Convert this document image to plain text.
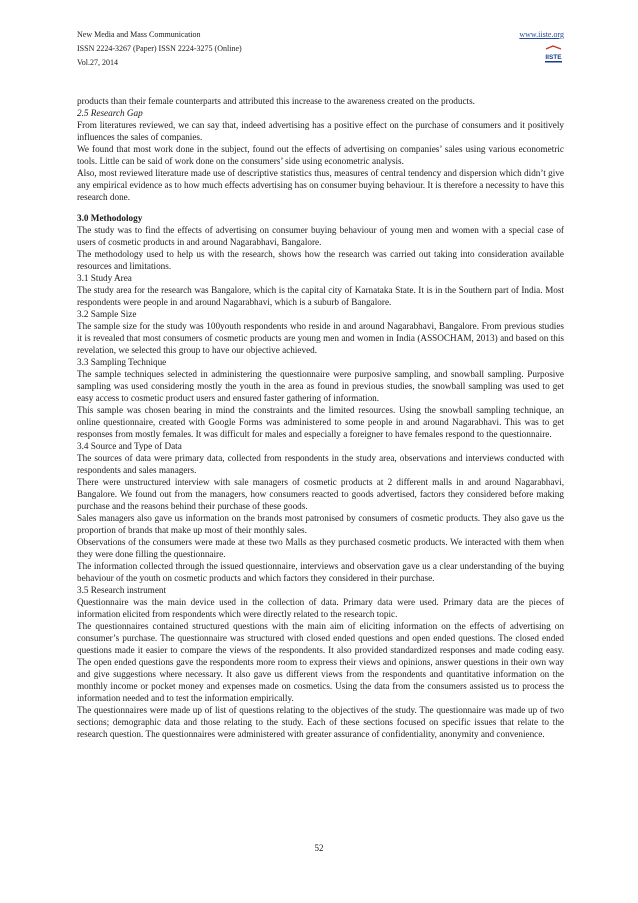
New Media and Mass Communication
ISSN 2224-3267 (Paper) ISSN 2224-3275 (Online)
Vol.27, 2014
www.iiste.org
IISTE

products than their female counterparts and attributed this increase to the awareness created on the products.

2.5 Research Gap

From literatures reviewed, we can say that, indeed advertising has a positive effect on the purchase of consumers and it positively influences the sales of companies.

We found that most work done in the subject, found out the effects of advertising on companies’ sales using various econometric tools. Little can be said of work done on the consumers’ side using econometric analysis.

Also, most reviewed literature made use of descriptive statistics thus, measures of central tendency and dispersion which didn’t give any empirical evidence as to how much effects advertising has on consumer buying behaviour. It is therefore a necessity to have this research done.

3.0 Methodology

The study was to find the effects of advertising on consumer buying behaviour of young men and women with a special case of users of cosmetic products in and around Nagarabhavi, Bangalore.

The methodology used to help us with the research, shows how the research was carried out taking into consideration available resources and limitations.

3.1 Study Area

The study area for the research was Bangalore, which is the capital city of Karnataka State. It is in the Southern part of India. Most respondents were people in and around Nagarabhavi, which is a suburb of Bangalore.

3.2 Sample Size

The sample size for the study was 100youth respondents who reside in and around Nagarabhavi, Bangalore. From previous studies it is revealed that most consumers of cosmetic products are young men and women in India (ASSOCHAM, 2013) and based on this revelation, we selected this group to have our objective achieved.

3.3 Sampling Technique

The sample techniques selected in administering the questionnaire were purposive sampling, and snowball sampling. Purposive sampling was used considering mostly the youth in the area as found in previous studies, the snowball sampling was used to get easy access to cosmetic product users and ensured faster gathering of information.

This sample was chosen bearing in mind the constraints and the limited resources. Using the snowball sampling technique, an online questionnaire, created with Google Forms was administered to some people in and around Nagarabhavi. This was to get responses from mostly females. It was difficult for males and especially a foreigner to have females respond to the questionnaire.

3.4 Source and Type of Data

The sources of data were primary data, collected from respondents in the study area, observations and interviews conducted with respondents and sales managers.

There were unstructured interview with sale managers of cosmetic products at 2 different malls in and around Nagarabhavi, Bangalore. We found out from the managers, how consumers reacted to goods advertised, factors they considered before making purchase and the reasons behind their purchase of these goods.

Sales managers also gave us information on the brands most patronised by consumers of cosmetic products. They also gave us the proportion of brands that make up most of their monthly sales.

Observations of the consumers were made at these two Malls as they purchased cosmetic products. We interacted with them when they were done filling the questionnaire.

The information collected through the issued questionnaire, interviews and observation gave us a clear understanding of the buying behaviour of the youth on cosmetic products and which factors they considered in their purchase.

3.5 Research instrument

Questionnaire was the main device used in the collection of data. Primary data were used. Primary data are the pieces of information elicited from respondents which were directly related to the research topic.

The questionnaires contained structured questions with the main aim of eliciting information on the effects of advertising on consumer’s purchase. The questionnaire was structured with closed ended questions and open ended questions. The closed ended questions made it easier to compare the views of the respondents. It also provided standardized responses and made coding easy. The open ended questions gave the respondents more room to express their views and opinions, answer questions in their own way and give suggestions where necessary. It also gave us different views from the respondents and quantitative information on the monthly income or pocket money and expenses made on cosmetics. Using the data from the consumers assisted us to process the information needed and to test the information empirically.

The questionnaires were made up of list of questions relating to the objectives of the study. The questionnaire was made up of two sections; demographic data and those relating to the study. Each of these sections focused on specific issues that relate to the research question. The questionnaires were administered with greater assurance of confidentiality, anonymity and convenience.

52
